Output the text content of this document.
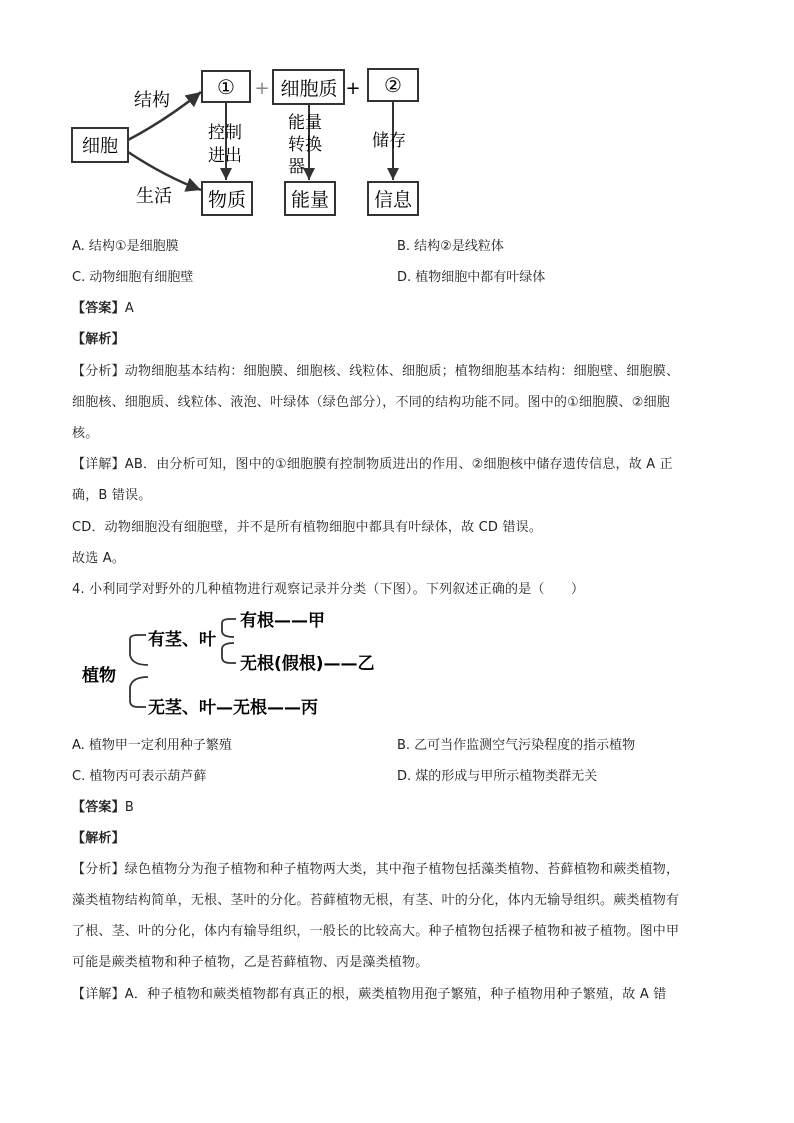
细胞
结构
生活
① + 细胞质 + ②
控制
进出
能量
转换
器
储存
物质 能量 信息
A. 结构①是细胞膜	B. 结构②是线粒体
C. 动物细胞有细胞壁	D. 植物细胞中都有叶绿体
【答案】A
【解析】
【分析】动物细胞基本结构：细胞膜、细胞核、线粒体、细胞质；植物细胞基本结构：细胞壁、细胞膜、
细胞核、细胞质、线粒体、液泡、叶绿体（绿色部分），不同的结构功能不同。图中的①细胞膜、②细胞
核。
【详解】AB．由分析可知，图中的①细胞膜有控制物质进出的作用、②细胞核中储存遗传信息，故 A 正
确，B 错误。
CD．动物细胞没有细胞壁，并不是所有植物细胞中都具有叶绿体，故 CD 错误。
故选 A。
4. 小利同学对野外的几种植物进行观察记录并分类（下图）。下列叙述正确的是（　　）
植物
有茎、叶
无茎、叶—无根——丙
有根——甲
无根(假根)——乙
A. 植物甲一定利用种子繁殖	B. 乙可当作监测空气污染程度的指示植物
C. 植物丙可表示葫芦藓	D. 煤的形成与甲所示植物类群无关
【答案】B
【解析】
【分析】绿色植物分为孢子植物和种子植物两大类，其中孢子植物包括藻类植物、苔藓植物和蕨类植物，
藻类植物结构简单，无根、茎叶的分化。苔藓植物无根，有茎、叶的分化，体内无输导组织。蕨类植物有
了根、茎、叶的分化，体内有输导组织，一般长的比较高大。种子植物包括裸子植物和被子植物。图中甲
可能是蕨类植物和种子植物，乙是苔藓植物、丙是藻类植物。
【详解】A．种子植物和蕨类植物都有真正的根，蕨类植物用孢子繁殖，种子植物用种子繁殖，故 A 错
